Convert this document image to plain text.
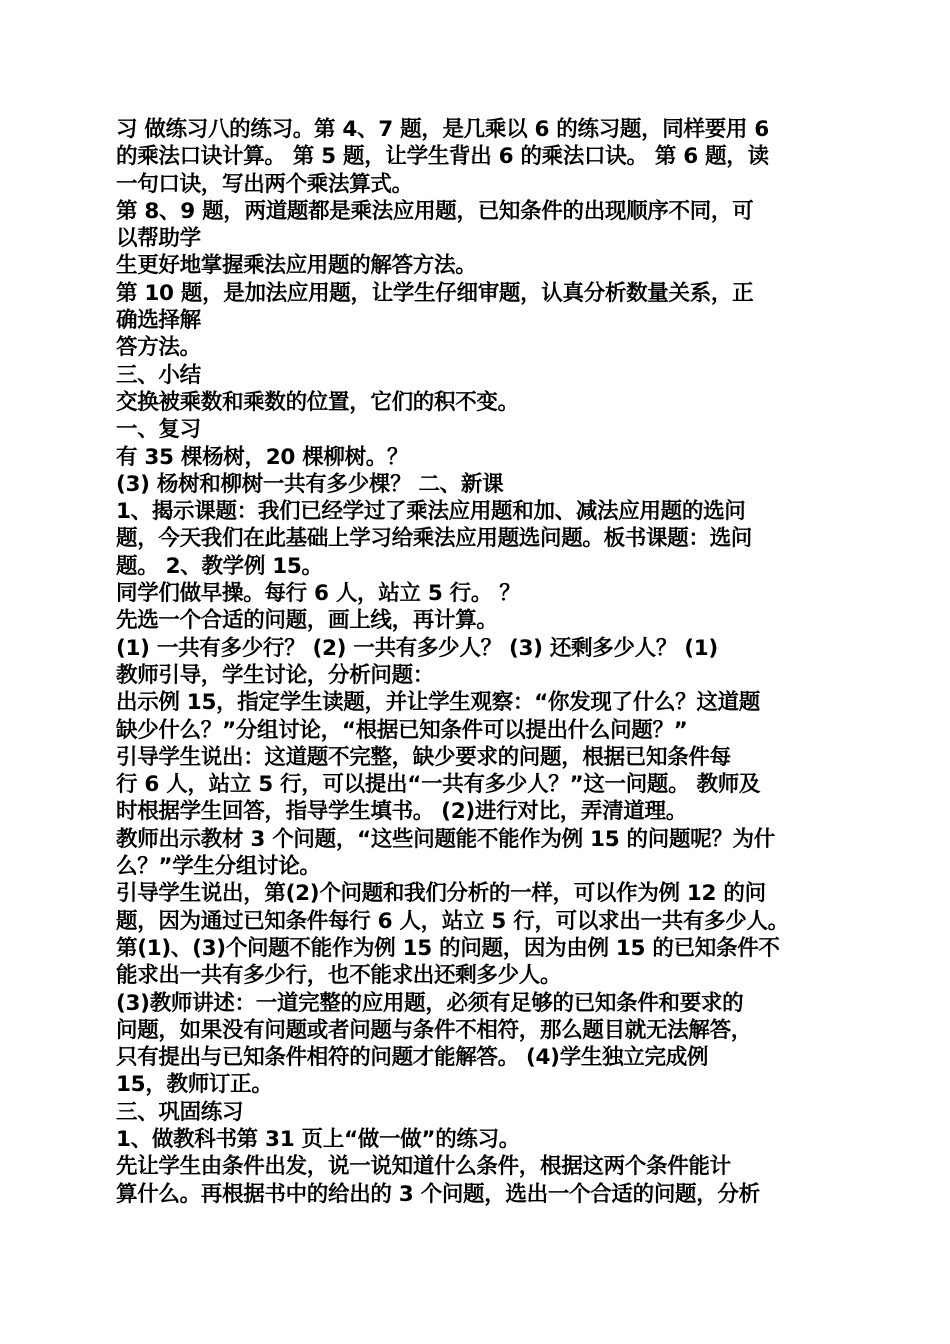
习 做练习八的练习。第 4、7 题，是几乘以 6 的练习题，同样要用 6
的乘法口诀计算。 第 5 题，让学生背出 6 的乘法口诀。 第 6 题，读
一句口诀，写出两个乘法算式。
第 8、9 题，两道题都是乘法应用题，已知条件的出现顺序不同，可
以帮助学
生更好地掌握乘法应用题的解答方法。
第 10 题，是加法应用题，让学生仔细审题，认真分析数量关系，正
确选择解
答方法。
三、小结
交换被乘数和乘数的位置，它们的积不变。
一、复习
有 35 棵杨树，20 棵柳树。？
(3) 杨树和柳树一共有多少棵？ 二、新课
1、揭示课题：我们已经学过了乘法应用题和加、减法应用题的选问
题，今天我们在此基础上学习给乘法应用题选问题。板书课题：选问
题。 2、教学例 15。
同学们做早操。每行 6 人，站立 5 行。 ？
先选一个合适的问题，画上线，再计算。
(1) 一共有多少行？ (2) 一共有多少人？ (3) 还剩多少人？ (1)
教师引导，学生讨论，分析问题：
出示例 15，指定学生读题，并让学生观察：“你发现了什么？这道题
缺少什么？”分组讨论，“根据已知条件可以提出什么问题？”
引导学生说出：这道题不完整，缺少要求的问题，根据已知条件每
行 6 人，站立 5 行，可以提出“一共有多少人？”这一问题。 教师及
时根据学生回答，指导学生填书。 (2)进行对比，弄清道理。
教师出示教材 3 个问题，“这些问题能不能作为例 15 的问题呢？为什
么？”学生分组讨论。
引导学生说出，第(2)个问题和我们分析的一样，可以作为例 12 的问
题，因为通过已知条件每行 6 人，站立 5 行，可以求出一共有多少人。
第(1)、(3)个问题不能作为例 15 的问题，因为由例 15 的已知条件不
能求出一共有多少行，也不能求出还剩多少人。
(3)教师讲述：一道完整的应用题，必须有足够的已知条件和要求的
问题，如果没有问题或者问题与条件不相符，那么题目就无法解答，
只有提出与已知条件相符的问题才能解答。 (4)学生独立完成例
15，教师订正。
三、巩固练习
1、做教科书第 31 页上“做一做”的练习。
先让学生由条件出发，说一说知道什么条件，根据这两个条件能计
算什么。再根据书中的给出的 3 个问题，选出一个合适的问题，分析
